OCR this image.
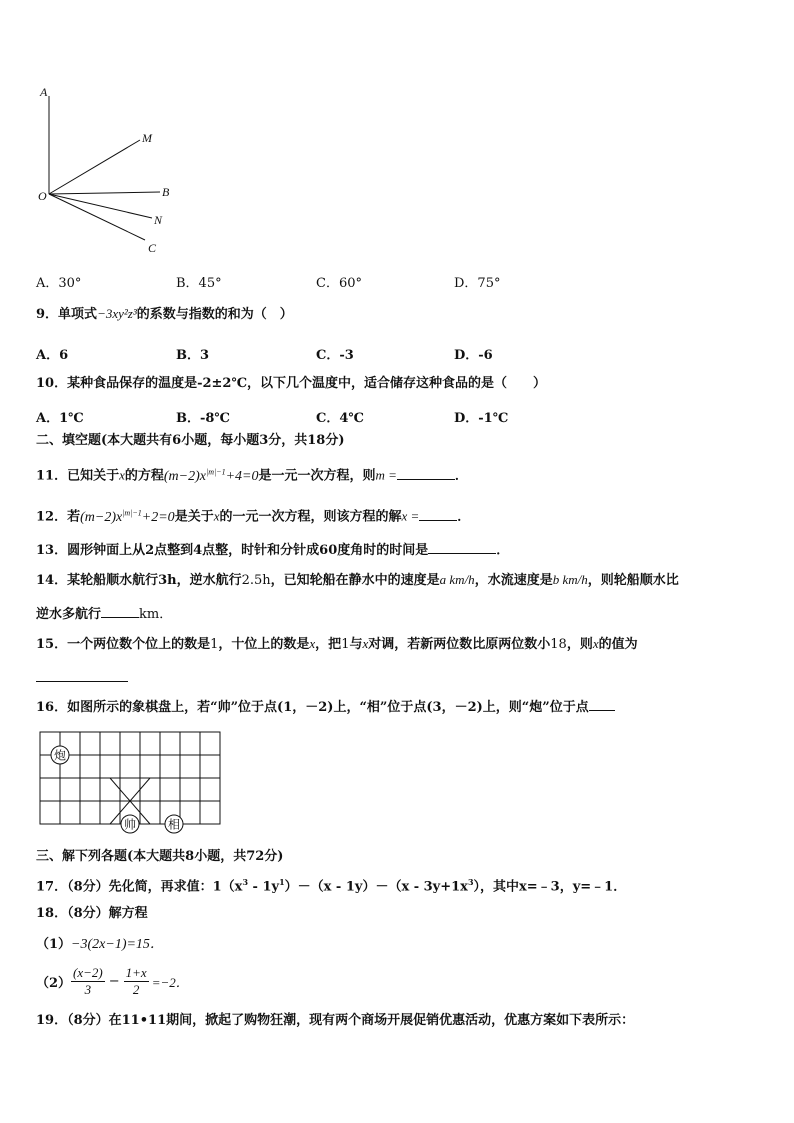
A
M
O	B
N
C
A．30°	B．45°	C．60°	D．75°
9．单项式−3xy²z³的系数与指数的和为（　）
A．6	B．3	C．-3	D．-6
10．某种食品保存的温度是-2±2℃，以下几个温度中，适合储存这种食品的是（　　）
A．1℃	B．-8℃	C．4℃	D．-1℃
二、填空题(本大题共有6小题，每小题3分，共18分)
11．已知关于x的方程$(m-2)x^{|m|-1}+4=0$是一元一次方程，则m =	．
12．若$(m-2)x^{|m|-1}+2=0$是关于x的一元一次方程，则该方程的解x =	．
13．圆形钟面上从2点整到4点整，时针和分针成60度角时的时间是	．
14．某轮船顺水航行3h，逆水航行2.5h，已知轮船在静水中的速度是a km/h，水流速度是b km/h，则轮船顺水比
逆水多航行	km．
15．一个两位数个位上的数是1，十位上的数是x，把1与x对调，若新两位数比原两位数小18，则x的值为
16．如图所示的象棋盘上，若“帅”位于点(1，－2)上，“相”位于点(3，－2)上，则“炮”位于点
炮
帅	相
三、解下列各题(本大题共8小题，共72分)
17．（8分）先化简，再求值：$1(x^3 - 1y^1)-(x - 1y)-(x - 3y+1x^3)$，其中x=﹣3，y=﹣1．
18．（8分）解方程
（1）−3(2x−1)=15．
$(2) \frac{(x-2)}{3} - \frac{1+x}{2} =-2$．
19．（8分）在11•11期间，掀起了购物狂潮，现有两个商场开展促销优惠活动，优惠方案如下表所示：
